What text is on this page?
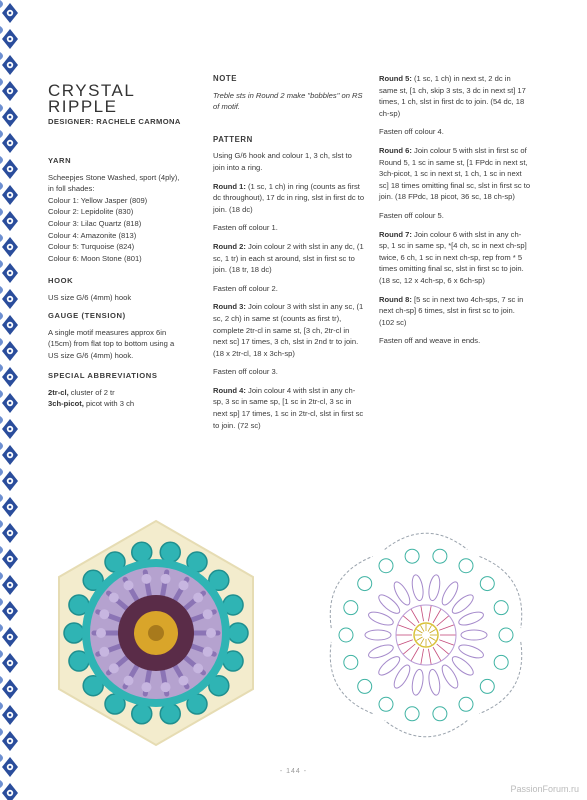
CRYSTAL
RIPPLE
DESIGNER: RACHELE CARMONA
YARN
Scheepjes Stone Washed, sport (4ply),
in foll shades:
Colour 1: Yellow Jasper (809)
Colour 2: Lepidolite (830)
Colour 3: Lilac Quartz (818)
Colour 4: Amazonite (813)
Colour 5: Turquoise (824)
Colour 6: Moon Stone (801)
HOOK
US size G/6 (4mm) hook
GAUGE (TENSION)
A single motif measures approx 6in
(15cm) from flat top to bottom using a
US size G/6 (4mm) hook.
SPECIAL ABBREVIATIONS
2tr-cl, cluster of 2 tr
3ch-picot, picot with 3 ch
NOTE

Treble sts in Round 2 make "bobbles" on RS of motif.

PATTERN

Using G/6 hook and colour 1, 3 ch, slst to join into a ring.

Round 1: (1 sc, 1 ch) in ring (counts as first dc throughout), 17 dc in ring, slst in first dc to join. (18 dc)

Fasten off colour 1.

Round 2: Join colour 2 with slst in any dc, (1 sc, 1 tr) in each st around, slst in first sc to join. (18 tr, 18 dc)

Fasten off colour 2.

Round 3: Join colour 3 with slst in any sc, (1 sc, 2 ch) in same st (counts as first tr), complete 2tr-cl in same st, [3 ch, 2tr-cl in next sc] 17 times, 3 ch, slst in 2nd tr to join. (18 x 2tr-cl, 18 x 3ch-sp)

Fasten off colour 3.

Round 4: Join colour 4 with slst in any ch-sp, 3 sc in same sp, [1 sc in 2tr-cl, 3 sc in next sp] 17 times, 1 sc in 2tr-cl, slst in first sc to join. (72 sc)

Round 5: (1 sc, 1 ch) in next st, 2 dc in same st, [1 ch, skip 3 sts, 3 dc in next st] 17 times, 1 ch, slst in first dc to join. (54 dc, 18 ch-sp)

Fasten off colour 4.

Round 6: Join colour 5 with slst in first sc of Round 5, 1 sc in same st, [1 FPdc in next st, 3ch-picot, 1 sc in next st, 1 ch, 1 sc in next sc] 18 times omitting final sc, slst in first sc to join. (18 FPdc, 18 picot, 36 sc, 18 ch-sp)

Fasten off colour 5.

Round 7: Join colour 6 with slst in any ch-sp, 1 sc in same sp, *[4 ch, sc in next ch-sp] twice, 6 ch, 1 sc in next ch-sp, rep from * 5 times omitting final sc, slst in first sc to join. (18 sc, 12 x 4ch-sp, 6 x 6ch-sp)

Round 8: [5 sc in next two 4ch-sps, 7 sc in next ch-sp] 6 times, slst in first sc to join. (102 sc)

Fasten off and weave in ends.

- 144 -
PassionForum.ru
